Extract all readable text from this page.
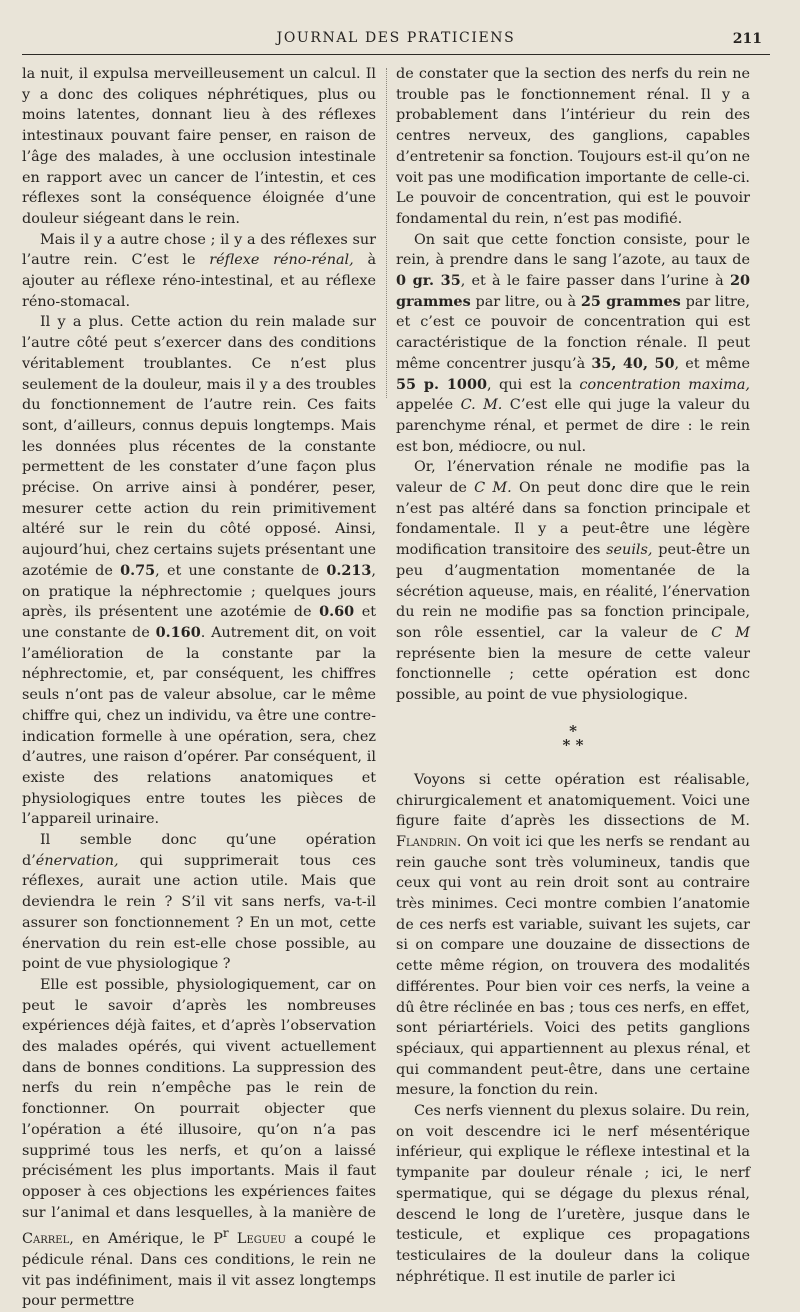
JOURNAL DES PRATICIENS	211

la nuit, il expulsa merveilleusement un calcul. Il y a donc des coliques néphrétiques, plus ou moins latentes, donnant lieu à des réflexes intestinaux pouvant faire penser, en raison de l’âge des malades, à une occlusion intestinale en rapport avec un cancer de l’intestin, et ces réflexes sont la conséquence éloignée d’une douleur siégeant dans le rein.

Mais il y a autre chose ; il y a des réflexes sur l’autre rein. C’est le réflexe réno-rénal, à ajouter au réflexe réno-intestinal, et au réflexe réno-stomacal.

Il y a plus. Cette action du rein malade sur l’autre côté peut s’exercer dans des conditions véritablement troublantes. Ce n’est plus seulement de la douleur, mais il y a des troubles du fonctionnement de l’autre rein. Ces faits sont, d’ailleurs, connus depuis longtemps. Mais les données plus récentes de la constante permettent de les constater d’une façon plus précise. On arrive ainsi à pondérer, peser, mesurer cette action du rein primitivement altéré sur le rein du côté opposé. Ainsi, aujourd’hui, chez certains sujets présentant une azotémie de 0.75, et une constante de 0.213, on pratique la néphrectomie ; quelques jours après, ils présentent une azotémie de 0.60 et une constante de 0.160. Autrement dit, on voit l’amélioration de la constante par la néphrectomie, et, par conséquent, les chiffres seuls n’ont pas de valeur absolue, car le même chiffre qui, chez un individu, va être une contre-indication formelle à une opération, sera, chez d’autres, une raison d’opérer. Par conséquent, il existe des relations anatomiques et physiologiques entre toutes les pièces de l’appareil urinaire.

Il semble donc qu’une opération d’énervation, qui supprimerait tous ces réflexes, aurait une action utile. Mais que deviendra le rein ? S’il vit sans nerfs, va-t-il assurer son fonctionnement ? En un mot, cette énervation du rein est-elle chose possible, au point de vue physiologique ?

Elle est possible, physiologiquement, car on peut le savoir d’après les nombreuses expériences déjà faites, et d’après l’observation des malades opérés, qui vivent actuellement dans de bonnes conditions. La suppression des nerfs du rein n’empêche pas le rein de fonctionner. On pourrait objecter que l’opération a été illusoire, qu’on n’a pas supprimé tous les nerfs, et qu’on a laissé précisément les plus importants. Mais il faut opposer à ces objections les expériences faites sur l’animal et dans lesquelles, à la manière de Carrel, en Amérique, le $P^r$ Legueu a coupé le pédicule rénal. Dans ces conditions, le rein ne vit pas indéfiniment, mais il vit assez longtemps pour permettre

de constater que la section des nerfs du rein ne trouble pas le fonctionnement rénal. Il y a probablement dans l’intérieur du rein des centres nerveux, des ganglions, capables d’entretenir sa fonction. Toujours est-il qu’on ne voit pas une modification importante de celle-ci. Le pouvoir de concentration, qui est le pouvoir fondamental du rein, n’est pas modifié.

On sait que cette fonction consiste, pour le rein, à prendre dans le sang l’azote, au taux de 0 gr. 35, et à le faire passer dans l’urine à 20 grammes par litre, ou à 25 grammes par litre, et c’est ce pouvoir de concentration qui est caractéristique de la fonction rénale. Il peut même concentrer jusqu’à 35, 40, 50, et même 55 p. 1000, qui est la concentration maxima, appelée C. M. C’est elle qui juge la valeur du parenchyme rénal, et permet de dire : le rein est bon, médiocre, ou nul.

Or, l’énervation rénale ne modifie pas la valeur de C M. On peut donc dire que le rein n’est pas altéré dans sa fonction principale et fondamentale. Il y a peut-être une légère modification transitoire des seuils, peut-être un peu d’augmentation momentanée de la sécrétion aqueuse, mais, en réalité, l’énervation du rein ne modifie pas sa fonction principale, son rôle essentiel, car la valeur de C M représente bien la mesure de cette valeur fonctionnelle ; cette opération est donc possible, au point de vue physiologique.

*
* *

Voyons si cette opération est réalisable, chirurgicalement et anatomiquement. Voici une figure faite d’après les dissections de M. Flandrin. On voit ici que les nerfs se rendant au rein gauche sont très volumineux, tandis que ceux qui vont au rein droit sont au contraire très minimes. Ceci montre combien l’anatomie de ces nerfs est variable, suivant les sujets, car si on compare une douzaine de dissections de cette même région, on trouvera des modalités différentes. Pour bien voir ces nerfs, la veine a dû être réclinée en bas ; tous ces nerfs, en effet, sont périartériels. Voici des petits ganglions spéciaux, qui appartiennent au plexus rénal, et qui commandent peut-être, dans une certaine mesure, la fonction du rein.

Ces nerfs viennent du plexus solaire. Du rein, on voit descendre ici le nerf mésentérique inférieur, qui explique le réflexe intestinal et la tympanite par douleur rénale ; ici, le nerf spermatique, qui se dégage du plexus rénal, descend le long de l’uretère, jusque dans le testicule, et explique ces propagations testiculaires de la douleur dans la colique néphrétique. Il est inutile de parler ici
